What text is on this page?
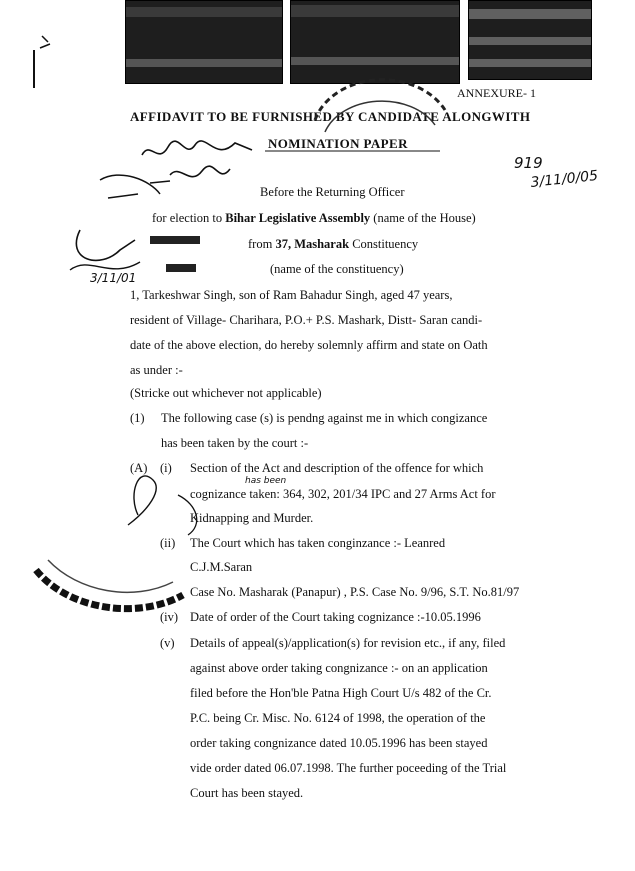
ANNEXURE- 1
AFFIDAVIT TO BE FURNISHED BY CANDIDATE ALONGWITH
NOMINATION PAPER
919
3/11/0/05
Before the Returning Officer
3/11/01
for election to Bihar Legislative Assembly (name of the House)
from 37, Masharak Constituency
(name of the constituency)
1, Tarkeshwar Singh, son of Ram Bahadur Singh, aged 47 years,
resident of Village- Charihara, P.O.+ P.S. Mashark, Distt- Saran candi-
date of the above election, do hereby solemnly affirm and state on Oath
as under :-
(Stricke out whichever not applicable)
(1) The following case (s) is pendng against me in which congizance
has been taken by the court :-
(A) (i) Section of the Act and description of the offence for which
has been
cognizance taken: 364, 302, 201/34 IPC and 27 Arms Act for
Kidnapping and Murder.
(ii) The Court which has taken conginzance :- Leanred
C.J.M.Saran
Case No. Masharak (Panapur) , P.S. Case No. 9/96, S.T. No.81/97
(iv) Date of order of the Court taking cognizance :-10.05.1996
(v) Details of appeal(s)/application(s) for revision etc., if any, filed
against above order taking congnizance :- on an application
filed before the Hon'ble Patna High Court U/s 482 of the Cr.
P.C. being Cr. Misc. No. 6124 of 1998, the operation of the
order taking congnizance dated 10.05.1996 has been stayed
vide order dated 06.07.1998. The further poceeding of the Trial
Court has been stayed.
